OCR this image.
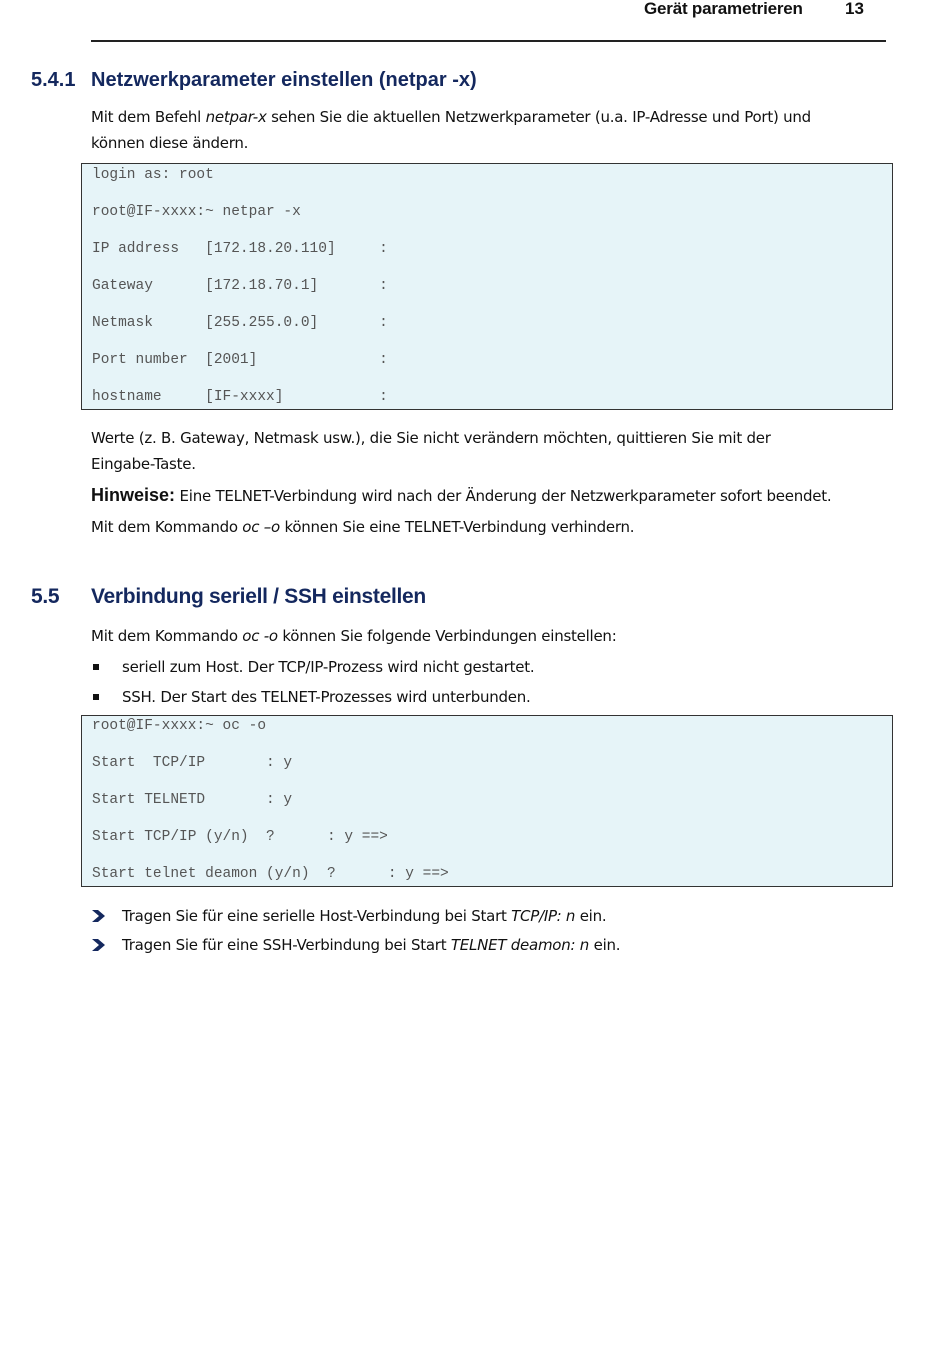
Gerät parametrieren 13
5.4.1 Netzwerkparameter einstellen (netpar -x)
Mit dem Befehl netpar-x sehen Sie die aktuellen Netzwerkparameter (u.a. IP-Adresse und Port) und
können diese ändern.
login as: root
root@IF-xxxx:~ netpar -x
IP address   [172.18.20.110]     :
Gateway      [172.18.70.1]       :
Netmask      [255.255.0.0]       :
Port number  [2001]              :
hostname     [IF-xxxx]           :
Werte (z. B. Gateway, Netmask usw.), die Sie nicht verändern möchten, quittieren Sie mit der
Eingabe-Taste.
Hinweise: Eine TELNET-Verbindung wird nach der Änderung der Netzwerkparameter sofort beendet.
Mit dem Kommando oc –o können Sie eine TELNET-Verbindung verhindern.
5.5 Verbindung seriell / SSH einstellen
Mit dem Kommando oc -o können Sie folgende Verbindungen einstellen:
seriell zum Host. Der TCP/IP-Prozess wird nicht gestartet.
SSH. Der Start des TELNET-Prozesses wird unterbunden.
root@IF-xxxx:~ oc -o
Start  TCP/IP       : y
Start TELNETD       : y
Start TCP/IP (y/n)  ?      : y ==>
Start telnet deamon (y/n)  ?      : y ==>
Tragen Sie für eine serielle Host-Verbindung bei Start TCP/IP: n ein.
Tragen Sie für eine SSH-Verbindung bei Start TELNET deamon: n ein.
